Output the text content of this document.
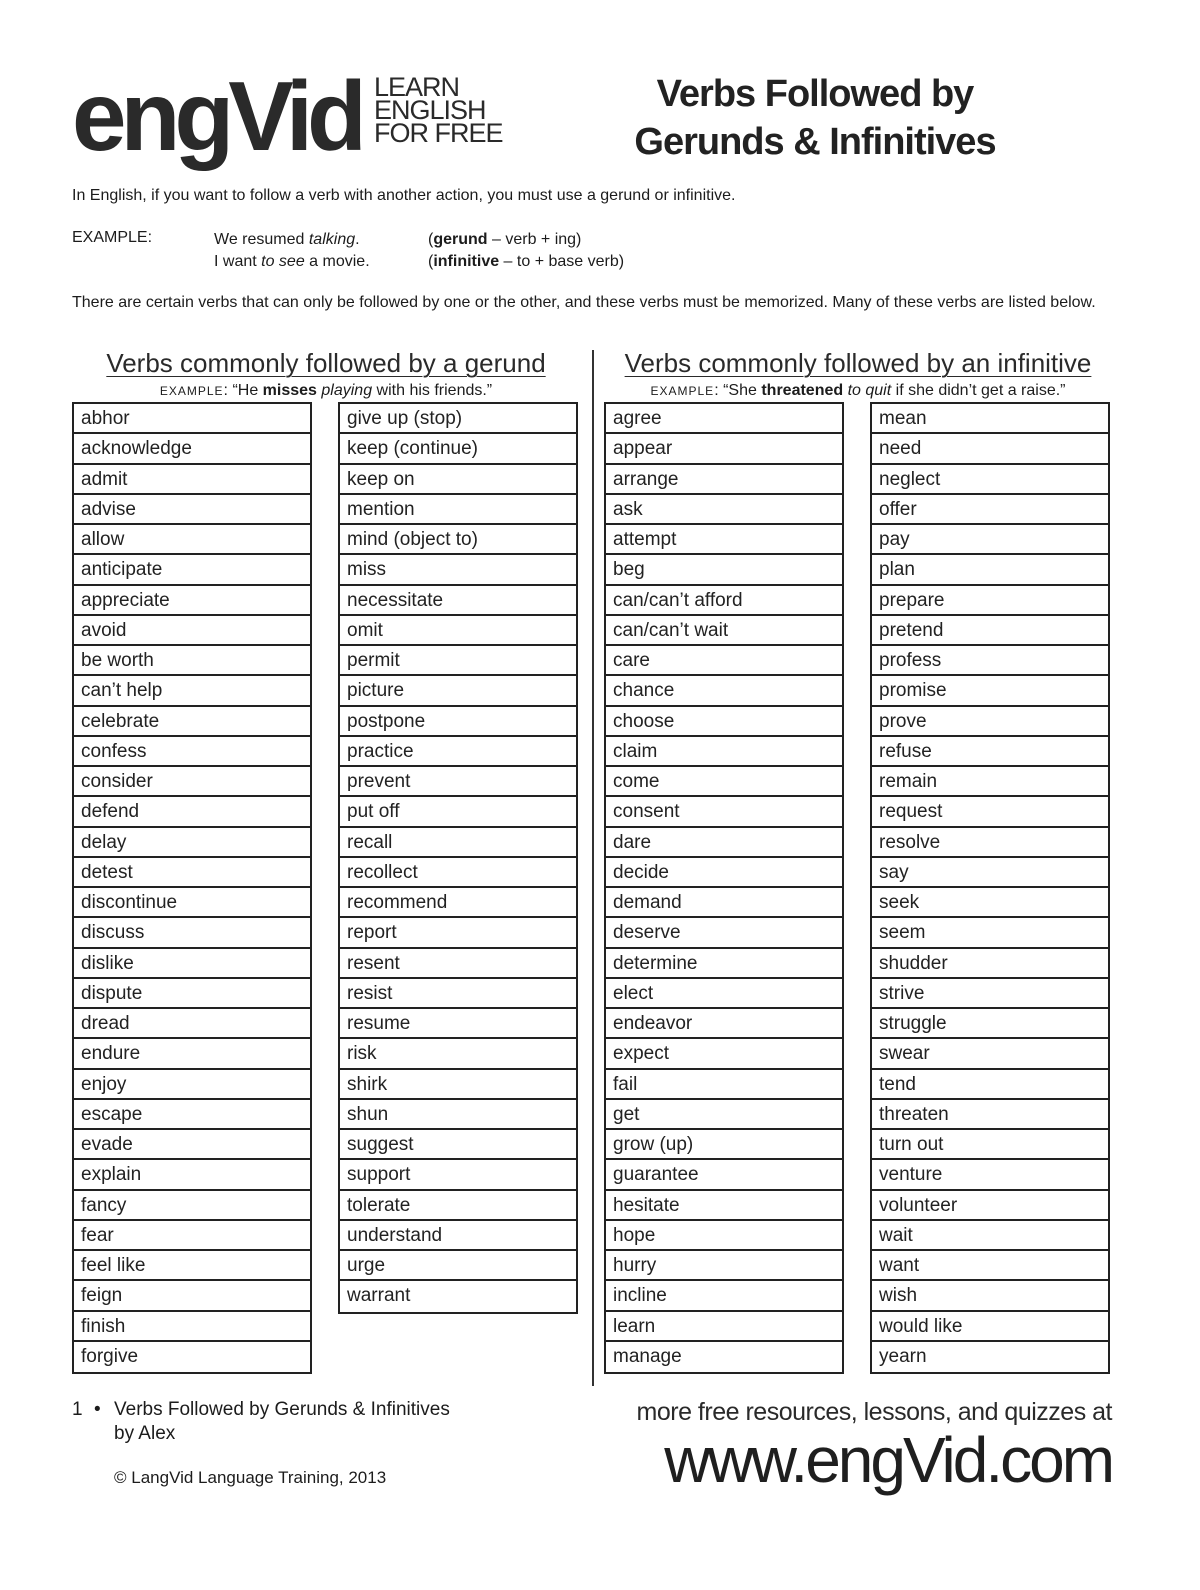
engVid LEARN
ENGLISH
FOR FREE
Verbs Followed by
Gerunds & Infinitives
In English, if you want to follow a verb with another action, you must use a gerund or infinitive.
EXAMPLE:	We resumed talking.
I want to see a movie.
(gerund – verb + ing)
(infinitive – to + base verb)
There are certain verbs that can only be followed by one or the other, and these verbs must be memorized. Many of these verbs are listed below.
Verbs commonly followed by a gerund
EXAMPLE: “He misses playing with his friends.”
abhor
acknowledge
admit
advise
allow
anticipate
appreciate
avoid
be worth
can’t help
celebrate
confess
consider
defend
delay
detest
discontinue
discuss
dislike
dispute
dread
endure
enjoy
escape
evade
explain
fancy
fear
feel like
feign
finish
forgive
give up (stop)
keep (continue)
keep on
mention
mind (object to)
miss
necessitate
omit
permit
picture
postpone
practice
prevent
put off
recall
recollect
recommend
report
resent
resist
resume
risk
shirk
shun
suggest
support
tolerate
understand
urge
warrant
Verbs commonly followed by an infinitive
EXAMPLE: “She threatened to quit if she didn’t get a raise.”
agree
appear
arrange
ask
attempt
beg
can/can’t afford
can/can’t wait
care
chance
choose
claim
come
consent
dare
decide
demand
deserve
determine
elect
endeavor
expect
fail
get
grow (up)
guarantee
hesitate
hope
hurry
incline
learn
manage
mean
need
neglect
offer
pay
plan
prepare
pretend
profess
promise
prove
refuse
remain
request
resolve
say
seek
seem
shudder
strive
struggle
swear
tend
threaten
turn out
venture
volunteer
wait
want
wish
would like
yearn
1 • Verbs Followed by Gerunds & Infinitives
by Alex
© LangVid Language Training, 2013
more free resources, lessons, and quizzes at
www.engVid.com
